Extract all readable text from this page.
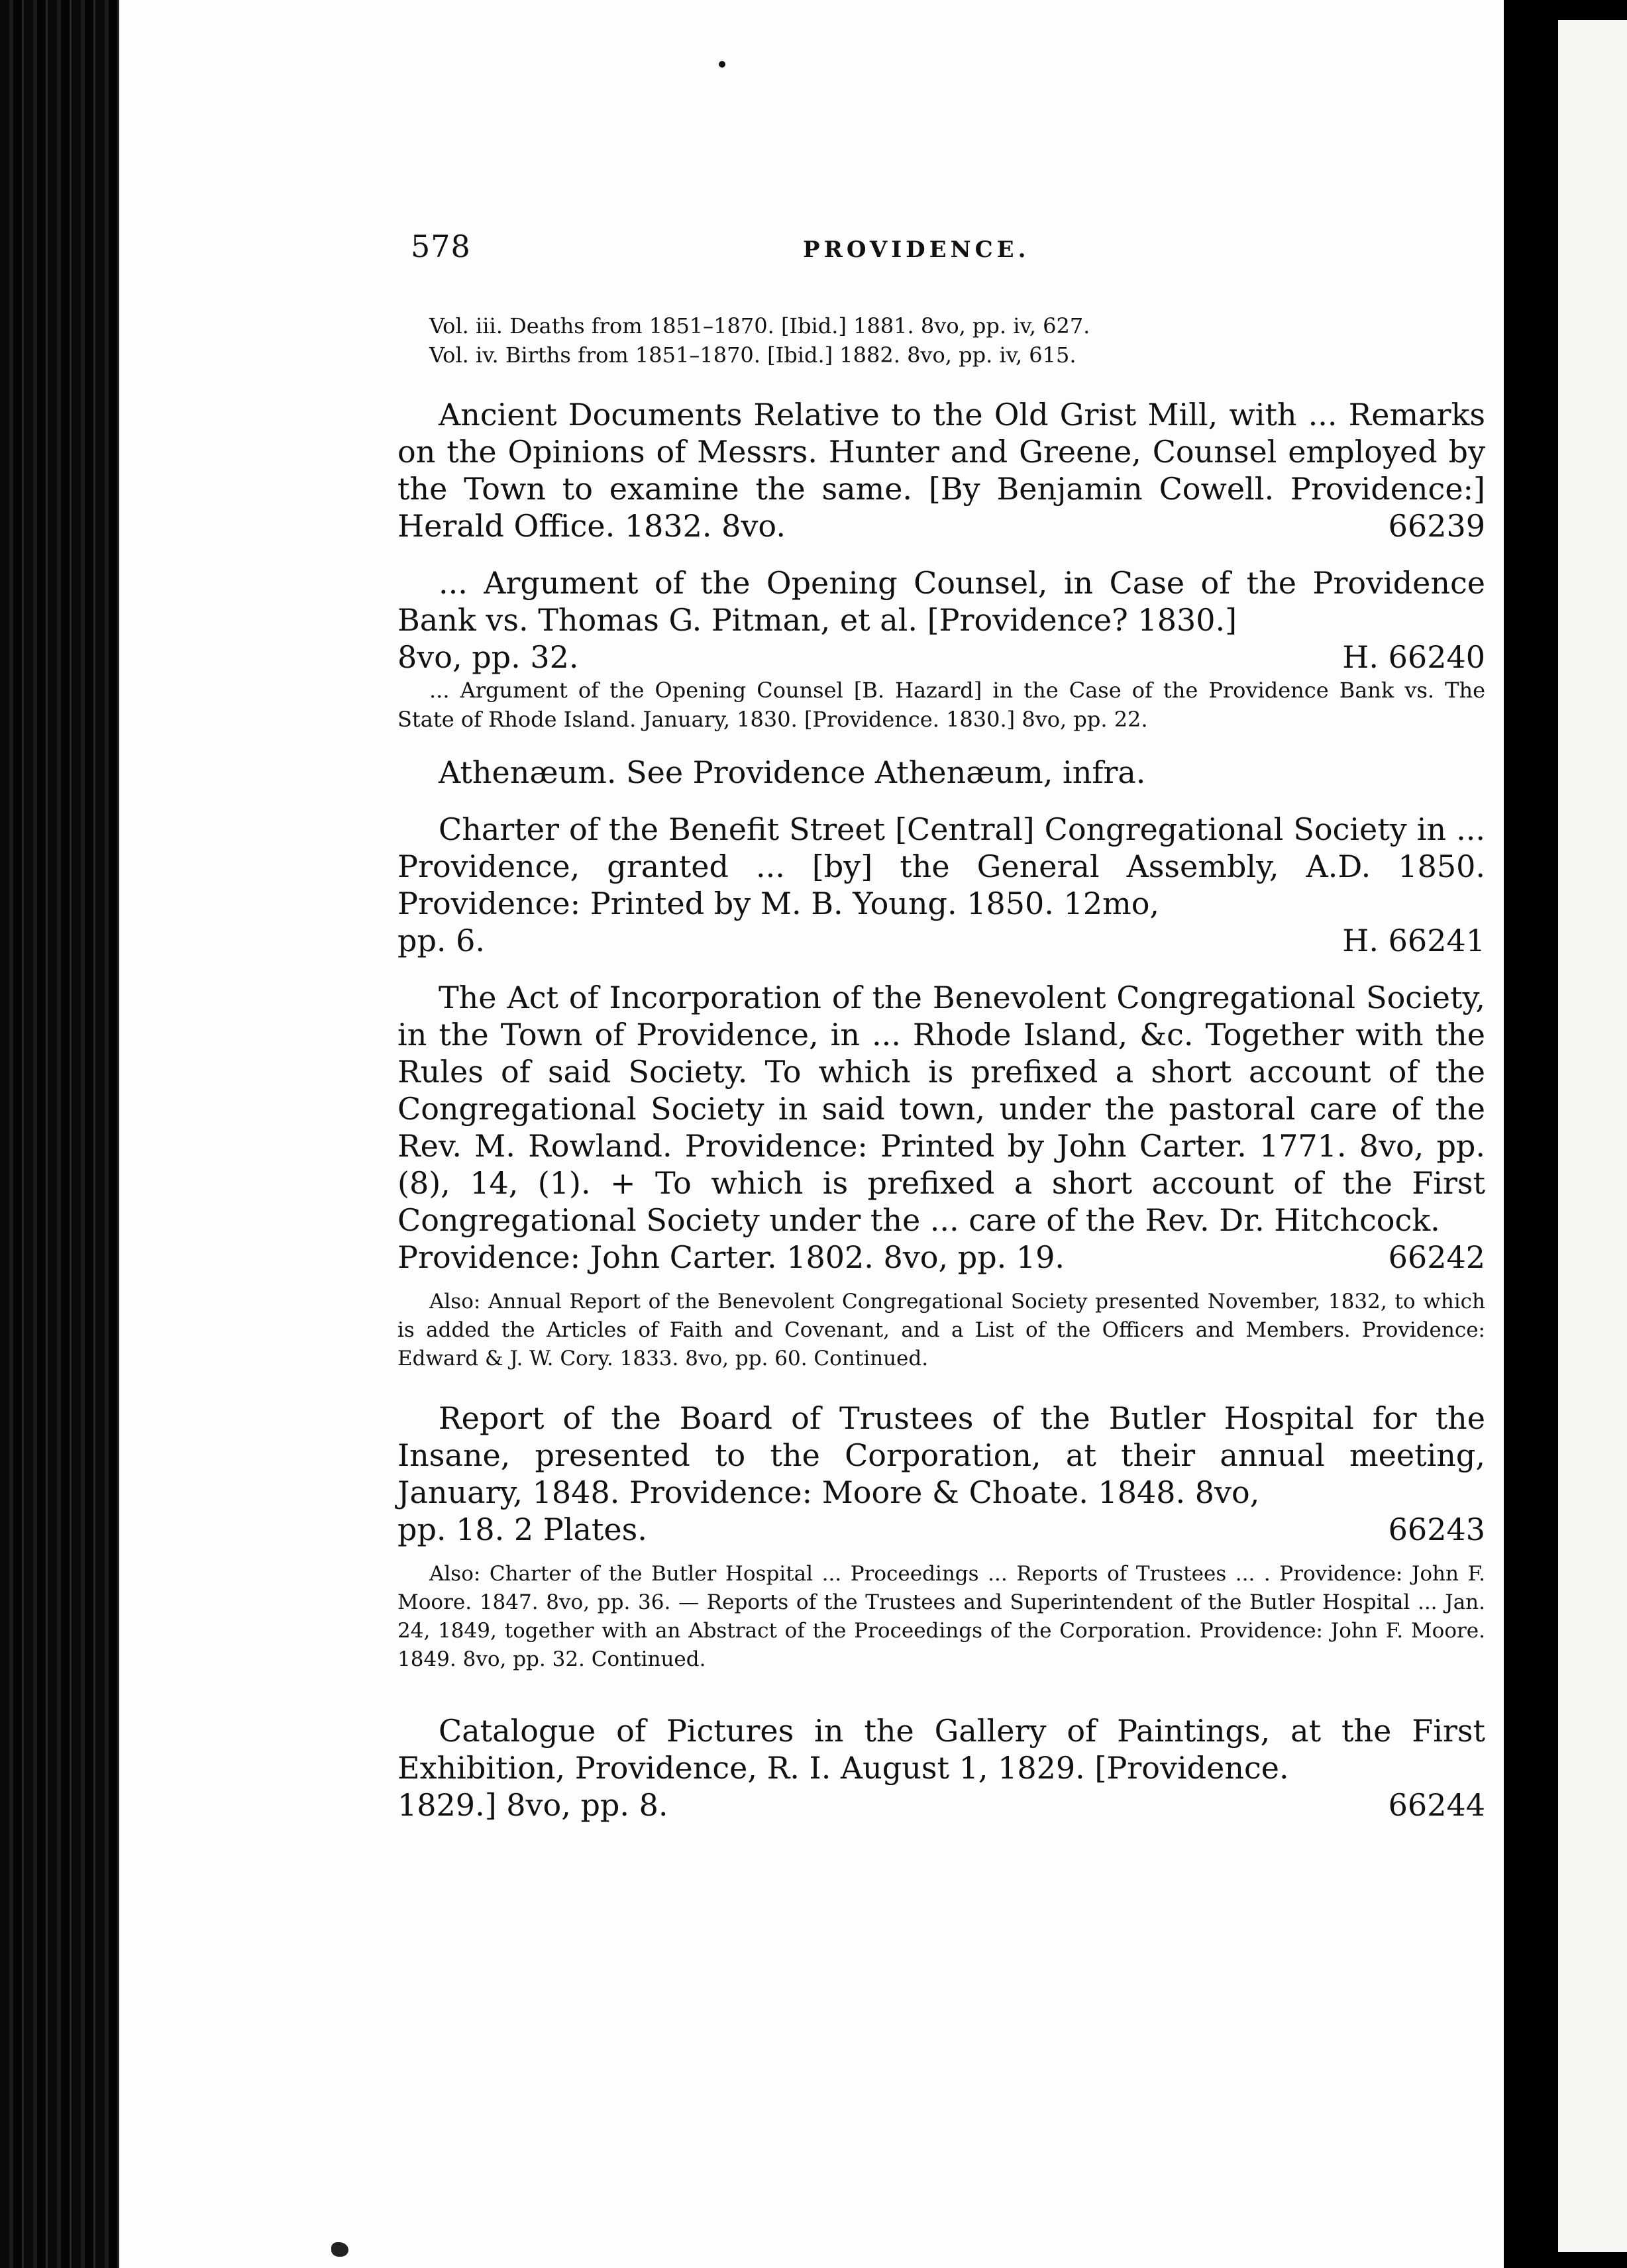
578	PROVIDENCE.
Vol. iii. Deaths from 1851–1870. [Ibid.] 1881. 8vo, pp. iv, 627.
Vol. iv. Births from 1851–1870. [Ibid.] 1882. 8vo, pp. iv, 615.
Ancient Documents Relative to the Old Grist Mill, with ... Remarks on the Opinions of Messrs. Hunter and Greene, Counsel employed by the Town to examine the same. [By Benjamin Cowell. Providence:] Herald Office. 1832. 8vo.	66239
... Argument of the Opening Counsel, in Case of the Providence Bank vs. Thomas G. Pitman, et al. [Providence? 1830.]
8vo, pp. 32.	H. 66240
... Argument of the Opening Counsel [B. Hazard] in the Case of the Providence Bank vs. The State of Rhode Island. January, 1830. [Providence. 1830.] 8vo, pp. 22.
Athenæum. See Providence Athenæum, infra.
Charter of the Benefit Street [Central] Congregational Society in ... Providence, granted ... [by] the General Assembly, A.D. 1850. Providence: Printed by M. B. Young. 1850. 12mo,
pp. 6.	H. 66241
The Act of Incorporation of the Benevolent Congregational Society, in the Town of Providence, in ... Rhode Island, &c. Together with the Rules of said Society. To which is prefixed a short account of the Congregational Society in said town, under the pastoral care of the Rev. M. Rowland. Providence: Printed by John Carter. 1771. 8vo, pp. (8), 14, (1). + To which is prefixed a short account of the First Congregational Society under the ... care of the Rev. Dr. Hitchcock.
Providence: John Carter. 1802. 8vo, pp. 19.	66242
Also: Annual Report of the Benevolent Congregational Society presented November, 1832, to which is added the Articles of Faith and Covenant, and a List of the Officers and Members. Providence: Edward & J. W. Cory. 1833. 8vo, pp. 60. Continued.
Report of the Board of Trustees of the Butler Hospital for the Insane, presented to the Corporation, at their annual meeting, January, 1848. Providence: Moore & Choate. 1848. 8vo,
pp. 18. 2 Plates.	66243
Also: Charter of the Butler Hospital ... Proceedings ... Reports of Trustees ... . Providence: John F. Moore. 1847. 8vo, pp. 36. — Reports of the Trustees and Superintendent of the Butler Hospital ... Jan. 24, 1849, together with an Abstract of the Proceedings of the Corporation. Providence: John F. Moore. 1849. 8vo, pp. 32. Continued.
Catalogue of Pictures in the Gallery of Paintings, at the First Exhibition, Providence, R. I. August 1, 1829. [Providence.
1829.] 8vo, pp. 8.	66244
